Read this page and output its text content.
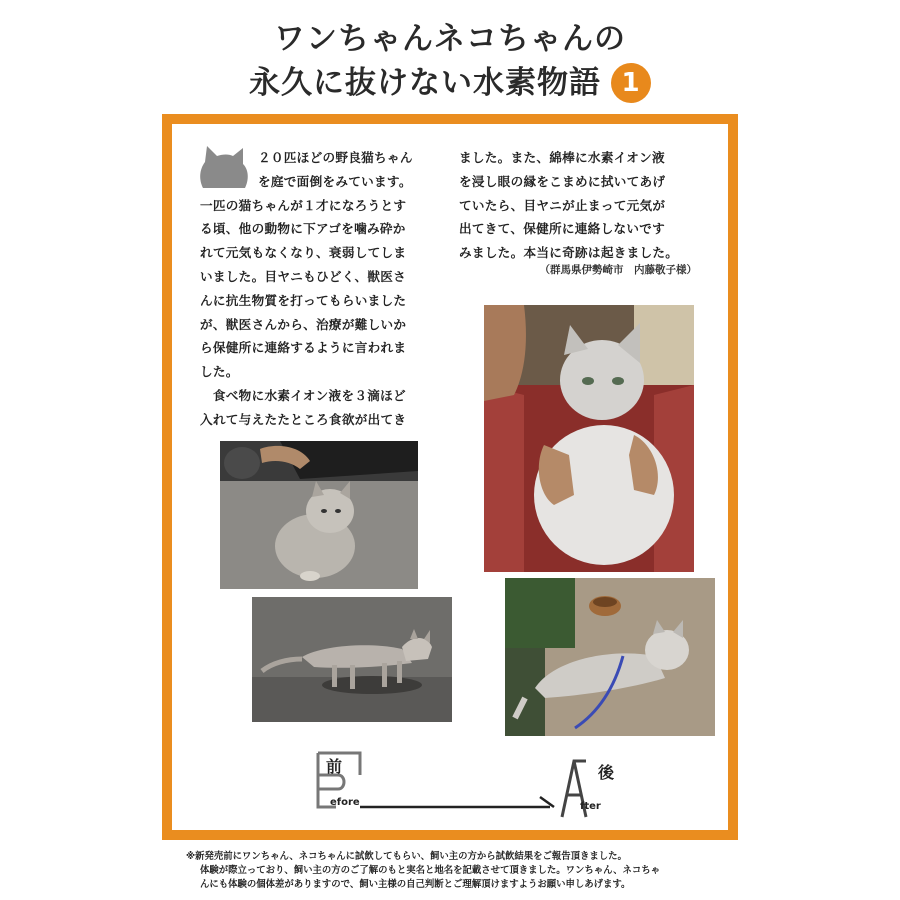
ワンちゃんネコちゃんの
永久に抜けない水素物語 1
２０匹ほどの野良猫ちゃん
を庭で面倒をみています。
一匹の猫ちゃんが１才になろうとす
る頃、他の動物に下アゴを噛み砕か
れて元気もなくなり、衰弱してしま
いました。目ヤニもひどく、獣医さ
んに抗生物質を打ってもらいました
が、獣医さんから、治療が難しいか
ら保健所に連絡するように言われま
した。
　食べ物に水素イオン液を３滴ほど
入れて与えたたところ食欲が出てき
ました。また、綿棒に水素イオン液
を浸し眼の縁をこまめに拭いてあげ
ていたら、目ヤニが止まって元気が
出てきて、保健所に連絡しないです
みました。本当に奇跡は起きました。
（群馬県伊勢崎市　内藤敬子様）
前
efore
後
fter
※新発売前にワンちゃん、ネコちゃんに試飲してもらい、飼い主の方から試飲結果をご報告頂きました。
体験が際立っており、飼い主の方のご了解のもと実名と地名を記載させて頂きました。ワンちゃん、ネコちゃ
んにも体験の個体差がありますので、飼い主様の自己判断とご理解頂けますようお願い申しあげます。
